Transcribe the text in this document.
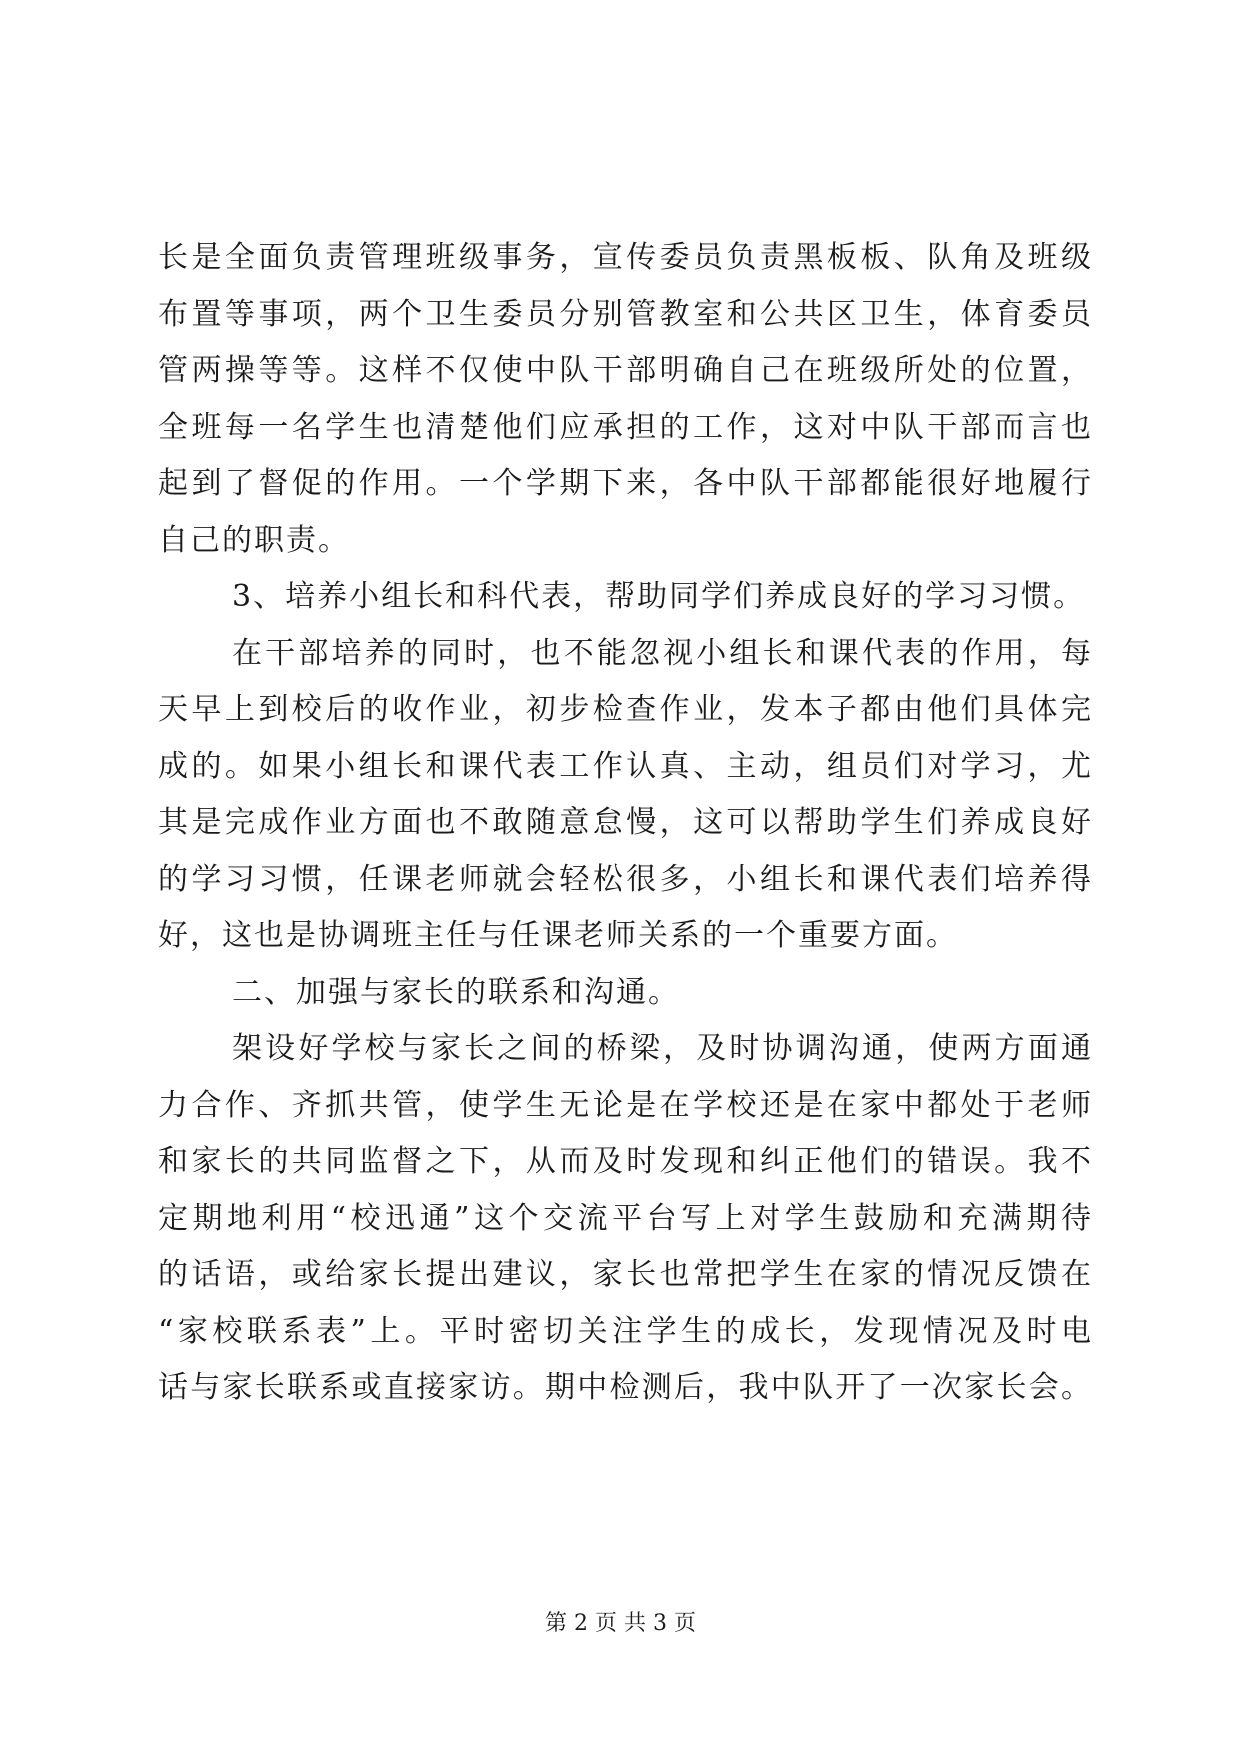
长是全面负责管理班级事务，宣传委员负责黑板板、队角及班级
布置等事项，两个卫生委员分别管教室和公共区卫生，体育委员
管两操等等。这样不仅使中队干部明确自己在班级所处的位置，
全班每一名学生也清楚他们应承担的工作，这对中队干部而言也
起到了督促的作用。一个学期下来，各中队干部都能很好地履行
自己的职责。
3、培养小组长和科代表，帮助同学们养成良好的学习习惯。
在干部培养的同时，也不能忽视小组长和课代表的作用，每
天早上到校后的收作业，初步检查作业，发本子都由他们具体完
成的。如果小组长和课代表工作认真、主动，组员们对学习，尤
其是完成作业方面也不敢随意怠慢，这可以帮助学生们养成良好
的学习习惯，任课老师就会轻松很多，小组长和课代表们培养得
好，这也是协调班主任与任课老师关系的一个重要方面。
二、加强与家长的联系和沟通。
架设好学校与家长之间的桥梁，及时协调沟通，使两方面通
力合作、齐抓共管，使学生无论是在学校还是在家中都处于老师
和家长的共同监督之下，从而及时发现和纠正他们的错误。我不
定期地利用“校迅通”这个交流平台写上对学生鼓励和充满期待
的话语，或给家长提出建议，家长也常把学生在家的情况反馈在
“家校联系表”上。平时密切关注学生的成长，发现情况及时电
话与家长联系或直接家访。期中检测后，我中队开了一次家长会。
第 2 页 共 3 页
